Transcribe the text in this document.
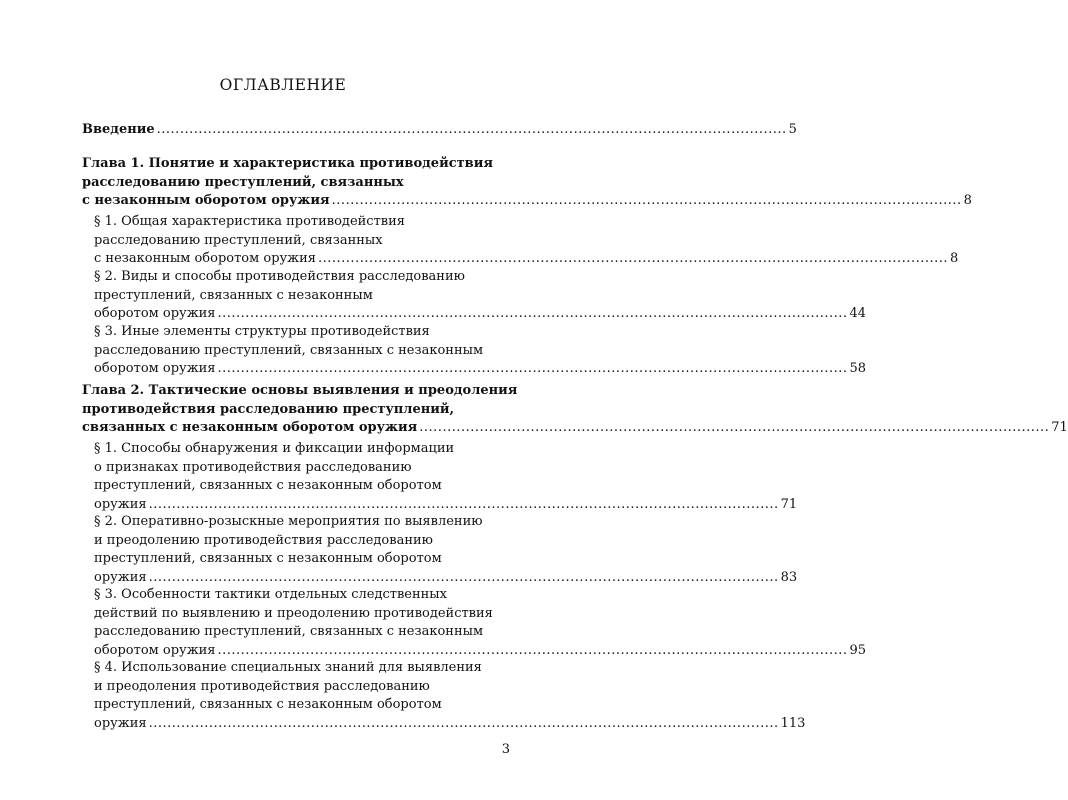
ОГЛАВЛЕНИЕ
Введение ........................................................................................................................................ 5
Глава 1. Понятие и характеристика противодействия
расследованию преступлений, связанных
с незаконным оборотом оружия ........................................................................................................................................ 8
§ 1. Общая характеристика противодействия
расследованию преступлений, связанных
с незаконным оборотом оружия ........................................................................................................................................ 8
§ 2. Виды и способы противодействия расследованию
преступлений, связанных с незаконным
оборотом оружия ........................................................................................................................................ 44
§ 3. Иные элементы структуры противодействия
расследованию преступлений, связанных с незаконным
оборотом оружия ........................................................................................................................................ 58
Глава 2. Тактические основы выявления и преодоления
противодействия расследованию преступлений,
связанных с незаконным оборотом оружия ........................................................................................................................................ 71
§ 1. Способы обнаружения и фиксации информации
о признаках противодействия расследованию
преступлений, связанных с незаконным оборотом
оружия ........................................................................................................................................ 71
§ 2. Оперативно-розыскные мероприятия по выявлению
и преодолению противодействия расследованию
преступлений, связанных с незаконным оборотом
оружия ........................................................................................................................................ 83
§ 3. Особенности тактики отдельных следственных
действий по выявлению и преодолению противодействия
расследованию преступлений, связанных с незаконным
оборотом оружия ........................................................................................................................................ 95
§ 4. Использование специальных знаний для выявления
и преодоления противодействия расследованию
преступлений, связанных с незаконным оборотом
оружия ........................................................................................................................................ 113
3
